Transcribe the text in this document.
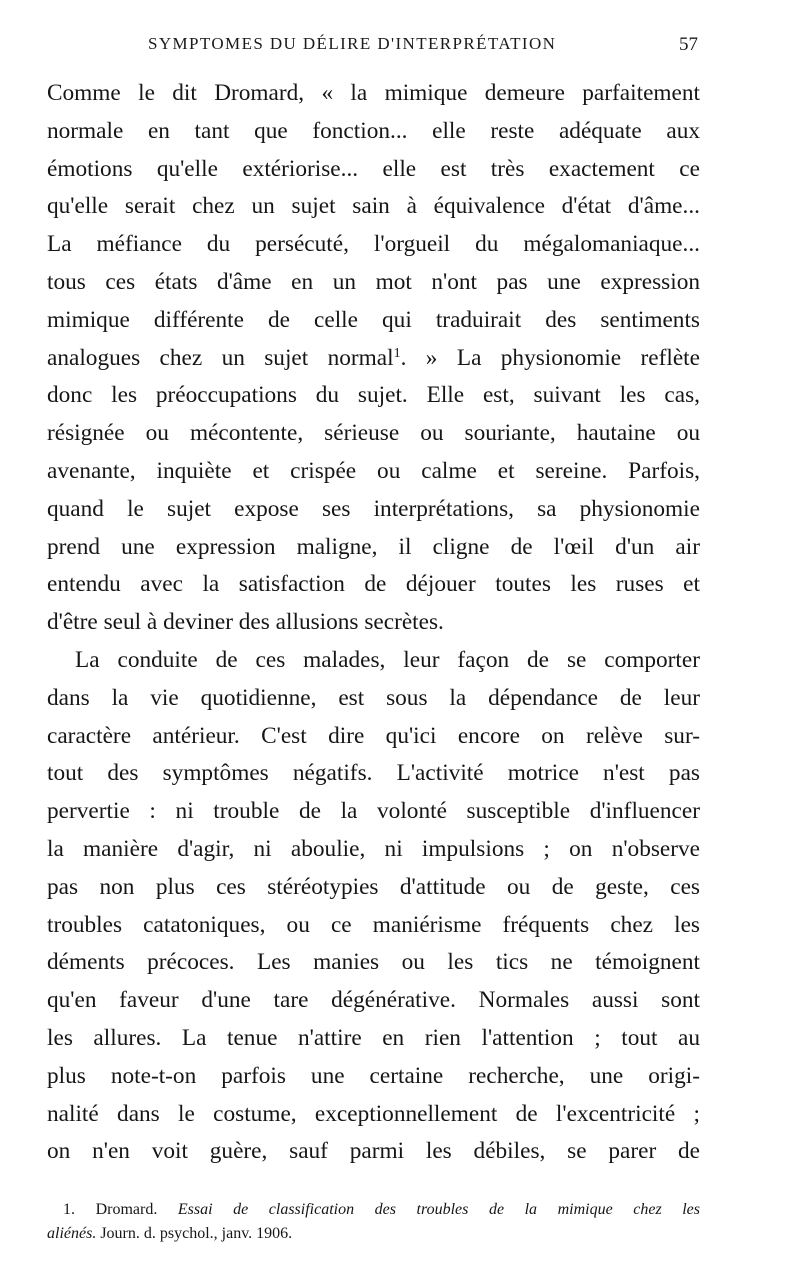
SYMPTOMES DU DÉLIRE D'INTERPRÉTATION	57
Comme le dit Dromard, « la mimique demeure parfaitement
normale en tant que fonction... elle reste adéquate aux
émotions qu'elle extériorise... elle est très exactement ce
qu'elle serait chez un sujet sain à équivalence d'état d'âme...
La méfiance du persécuté, l'orgueil du mégalomaniaque...
tous ces états d'âme en un mot n'ont pas une expression
mimique différente de celle qui traduirait des sentiments
analogues chez un sujet normal$^1$. » La physionomie reflète
donc les préoccupations du sujet. Elle est, suivant les cas,
résignée ou mécontente, sérieuse ou souriante, hautaine ou
avenante, inquiète et crispée ou calme et sereine. Parfois,
quand le sujet expose ses interprétations, sa physionomie
prend une expression maligne, il cligne de l'œil d'un air
entendu avec la satisfaction de déjouer toutes les ruses et
d'être seul à deviner des allusions secrètes.
La conduite de ces malades, leur façon de se comporter
dans la vie quotidienne, est sous la dépendance de leur
caractère antérieur. C'est dire qu'ici encore on relève sur-
tout des symptômes négatifs. L'activité motrice n'est pas
pervertie : ni trouble de la volonté susceptible d'influencer
la manière d'agir, ni aboulie, ni impulsions ; on n'observe
pas non plus ces stéréotypies d'attitude ou de geste, ces
troubles catatoniques, ou ce maniérisme fréquents chez les
déments précoces. Les manies ou les tics ne témoignent
qu'en faveur d'une tare dégénérative. Normales aussi sont
les allures. La tenue n'attire en rien l'attention ; tout au
plus note-t-on parfois une certaine recherche, une origi-
nalité dans le costume, exceptionnellement de l'excentricité ;
on n'en voit guère, sauf parmi les débiles, se parer de
1. Dromard. Essai de classification des troubles de la mimique chez les
aliénés. Journ. d. psychol., janv. 1906.
